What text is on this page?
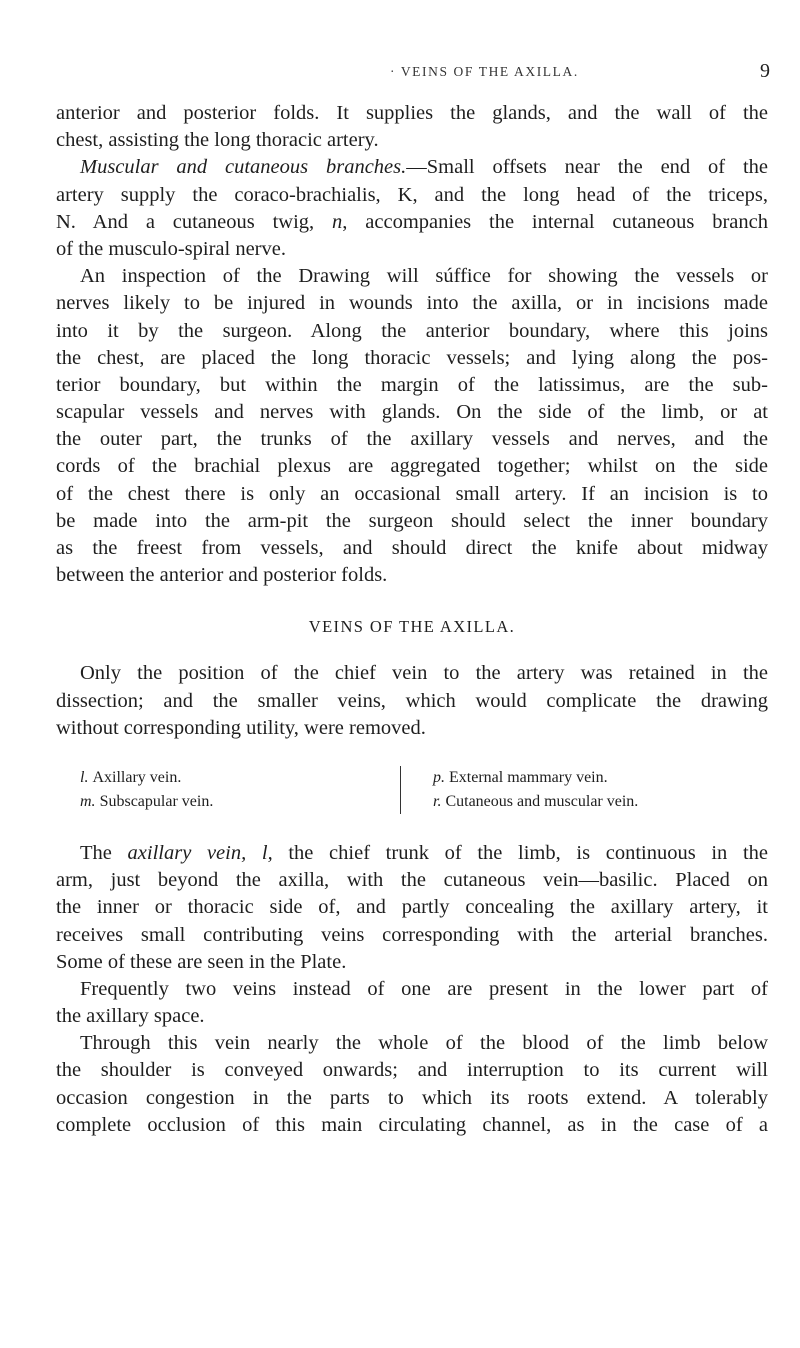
· VEINS OF THE AXILLA.	9
anterior and posterior folds. It supplies the glands, and the wall of the
chest, assisting the long thoracic artery.
Muscular and cutaneous branches.—Small offsets near the end of the
artery supply the coraco-brachialis, K, and the long head of the triceps,
N. And a cutaneous twig, n, accompanies the internal cutaneous branch
of the musculo-spiral nerve.
An inspection of the Drawing will súffice for showing the vessels or
nerves likely to be injured in wounds into the axilla, or in incisions made
into it by the surgeon. Along the anterior boundary, where this joins
the chest, are placed the long thoracic vessels; and lying along the pos-
terior boundary, but within the margin of the latissimus, are the sub-
scapular vessels and nerves with glands. On the side of the limb, or at
the outer part, the trunks of the axillary vessels and nerves, and the
cords of the brachial plexus are aggregated together; whilst on the side
of the chest there is only an occasional small artery. If an incision is to
be made into the arm-pit the surgeon should select the inner boundary
as the freest from vessels, and should direct the knife about midway
between the anterior and posterior folds.
VEINS OF THE AXILLA.
Only the position of the chief vein to the artery was retained in the
dissection; and the smaller veins, which would complicate the drawing
without corresponding utility, were removed.
l. Axillary vein.
m. Subscapular vein.
p. External mammary vein.
r. Cutaneous and muscular vein.
The axillary vein, l, the chief trunk of the limb, is continuous in the
arm, just beyond the axilla, with the cutaneous vein—basilic. Placed on
the inner or thoracic side of, and partly concealing the axillary artery, it
receives small contributing veins corresponding with the arterial branches.
Some of these are seen in the Plate.
Frequently two veins instead of one are present in the lower part of
the axillary space.
Through this vein nearly the whole of the blood of the limb below
the shoulder is conveyed onwards; and interruption to its current will
occasion congestion in the parts to which its roots extend. A tolerably
complete occlusion of this main circulating channel, as in the case of a
